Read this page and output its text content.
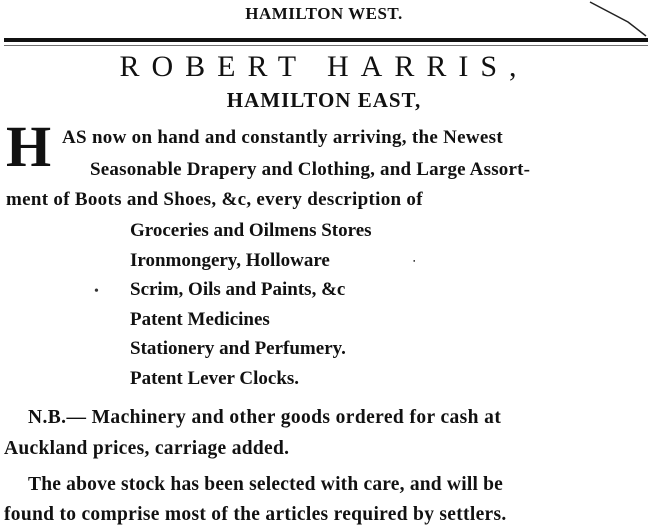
HAMILTON WEST.
ROBERT HARRIS,
HAMILTON EAST,
H AS now on hand and constantly arriving, the Newest
Seasonable Drapery and Clothing, and Large Assort-
ment of Boots and Shoes, &c, every description of
Groceries and Oilmens Stores
Ironmongery, Holloware
Scrim, Oils and Paints, &c
Patent Medicines
Stationery and Perfumery.
Patent Lever Clocks.
N.B.— Machinery and other goods ordered for cash at
Auckland prices, carriage added.
The above stock has been selected with care, and will be
found to comprise most of the articles required by settlers.
•
‧
